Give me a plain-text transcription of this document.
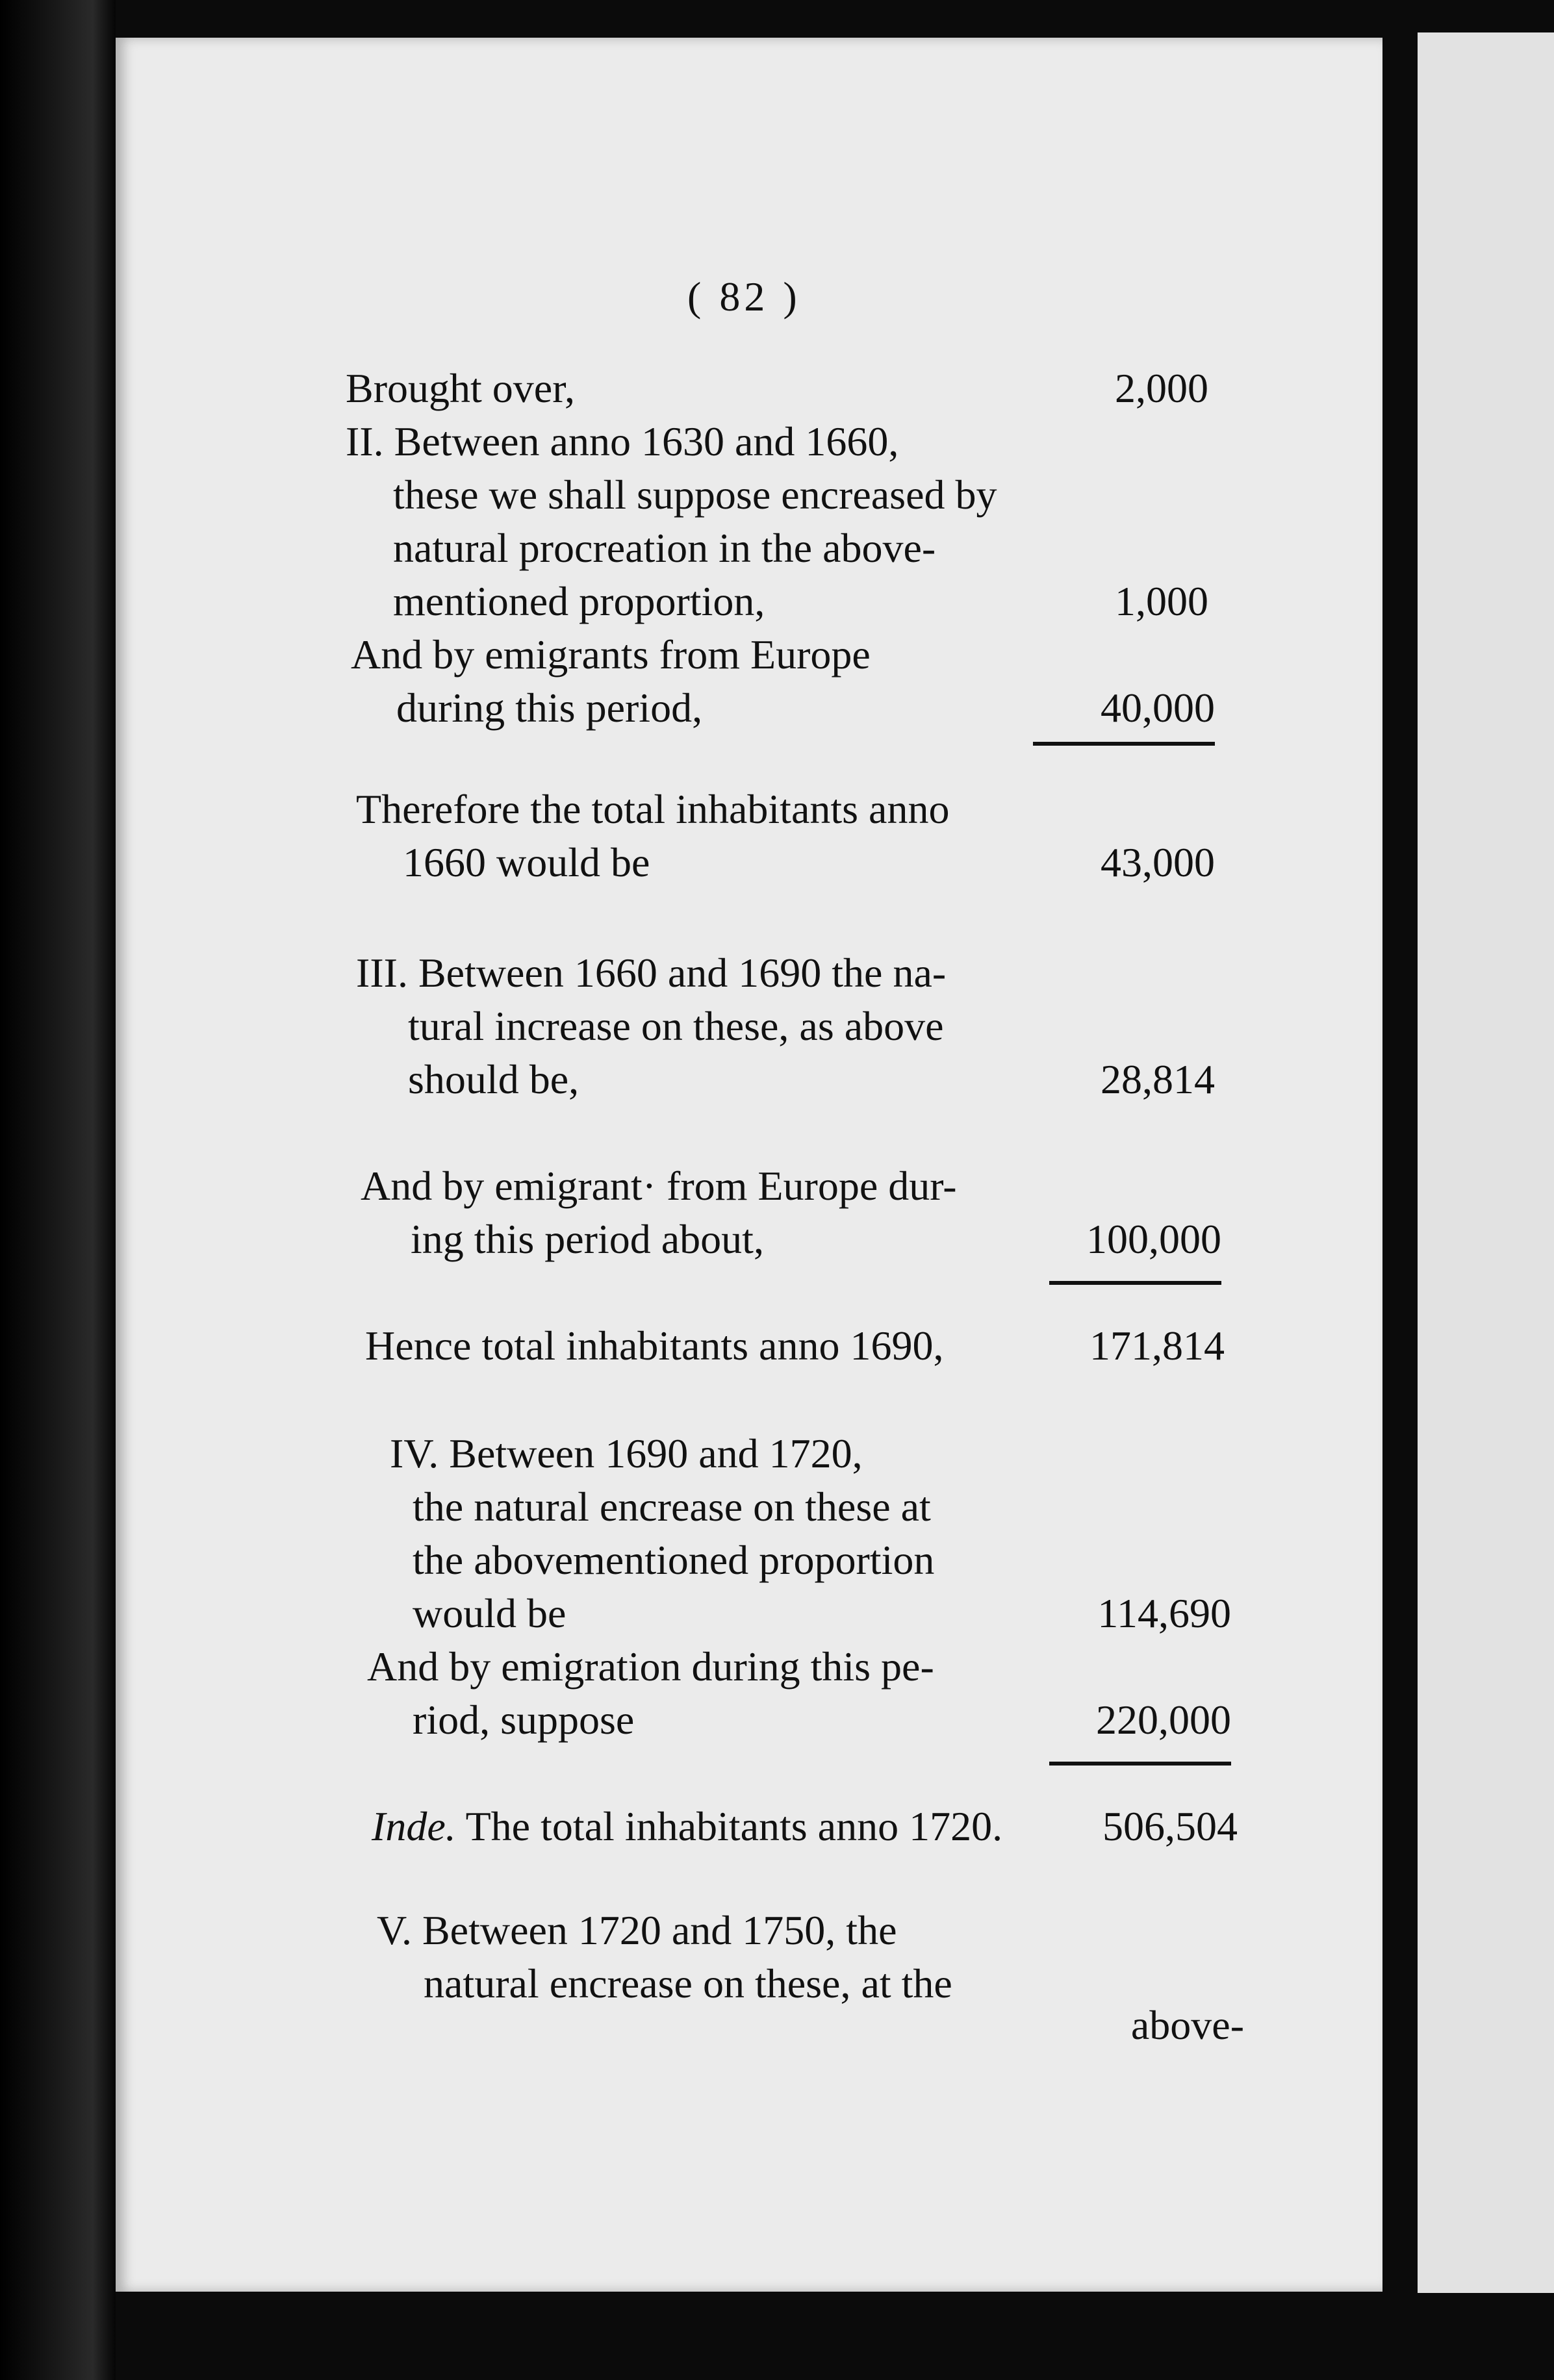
( 82 )
Brought over,	2,000
II. Between anno 1630 and 1660,
these we shall suppose encreased by
natural procreation in the above-
mentioned proportion,	1,000
And by emigrants from Europe
during this period,	40,000
Therefore the total inhabitants anno
1660 would be	43,000
III. Between 1660 and 1690 the na-
tural increase on these, as above
should be,	28,814
And by emigrant· from Europe dur-
ing this period about,	100,000
Hence total inhabitants anno 1690,	171,814
IV. Between 1690 and 1720,
the natural encrease on these at
the abovementioned proportion
would be	114,690
And by emigration during this pe-
riod, suppose	220,000
Inde. The total inhabitants anno 1720.	506,504
V. Between 1720 and 1750, the
natural encrease on these, at the
above-
